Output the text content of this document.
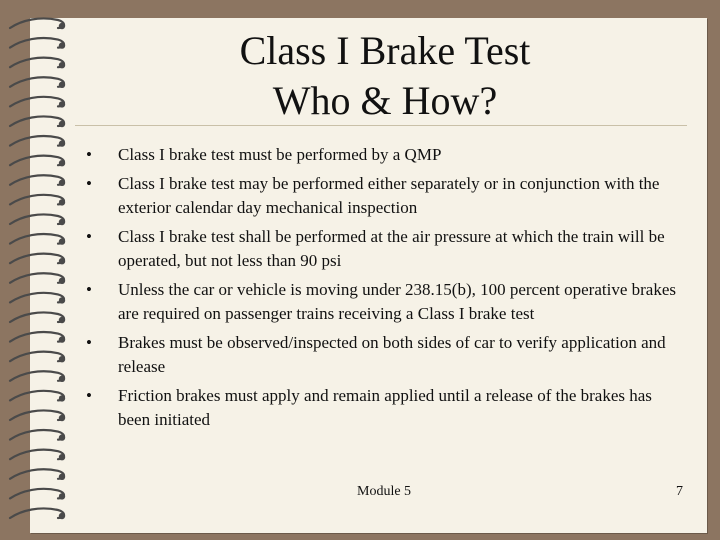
Class I Brake Test
Who & How?
•	Class I brake test must be performed by a QMP
•	Class I brake test may be performed either separately or in conjunction with the exterior calendar day mechanical inspection
•	Class I brake test shall be performed at the air pressure at which the train will be operated, but not less than 90 psi
•	Unless the car or vehicle is moving under 238.15(b), 100 percent operative brakes are required on passenger trains receiving a Class I brake test
•	Brakes must be observed/inspected on both sides of car to verify application and release
•	Friction brakes must apply and remain applied until a release of the brakes has been initiated
Module 5	7
